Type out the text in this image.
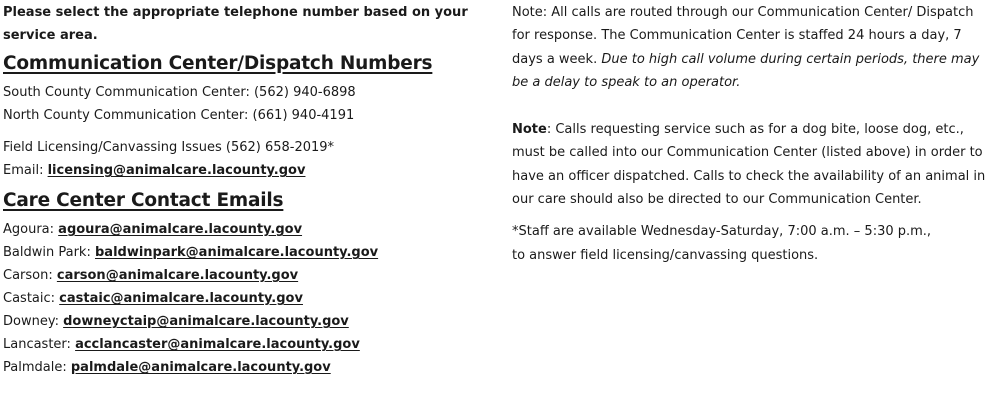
Please select the appropriate telephone number based on your service area.
Communication Center/Dispatch Numbers
South County Communication Center: (562) 940-6898
North County Communication Center: (661) 940-4191
Field Licensing/Canvassing Issues (562) 658-2019*
Email: licensing@animalcare.lacounty.gov
Care Center Contact Emails
Agoura: agoura@animalcare.lacounty.gov
Baldwin Park: baldwinpark@animalcare.lacounty.gov
Carson: carson@animalcare.lacounty.gov
Castaic: castaic@animalcare.lacounty.gov
Downey: downeyctaip@animalcare.lacounty.gov
Lancaster: acclancaster@animalcare.lacounty.gov
Palmdale: palmdale@animalcare.lacounty.gov
Note: All calls are routed through our Communication Center/ Dispatch for response. The Communication Center is staffed 24 hours a day, 7 days a week. Due to high call volume during certain periods, there may be a delay to speak to an operator.
Note: Calls requesting service such as for a dog bite, loose dog, etc., must be called into our Communication Center (listed above) in order to have an officer dispatched. Calls to check the availability of an animal in our care should also be directed to our Communication Center.
*Staff are available Wednesday-Saturday, 7:00 a.m. – 5:30 p.m.,
to answer field licensing/canvassing questions.
